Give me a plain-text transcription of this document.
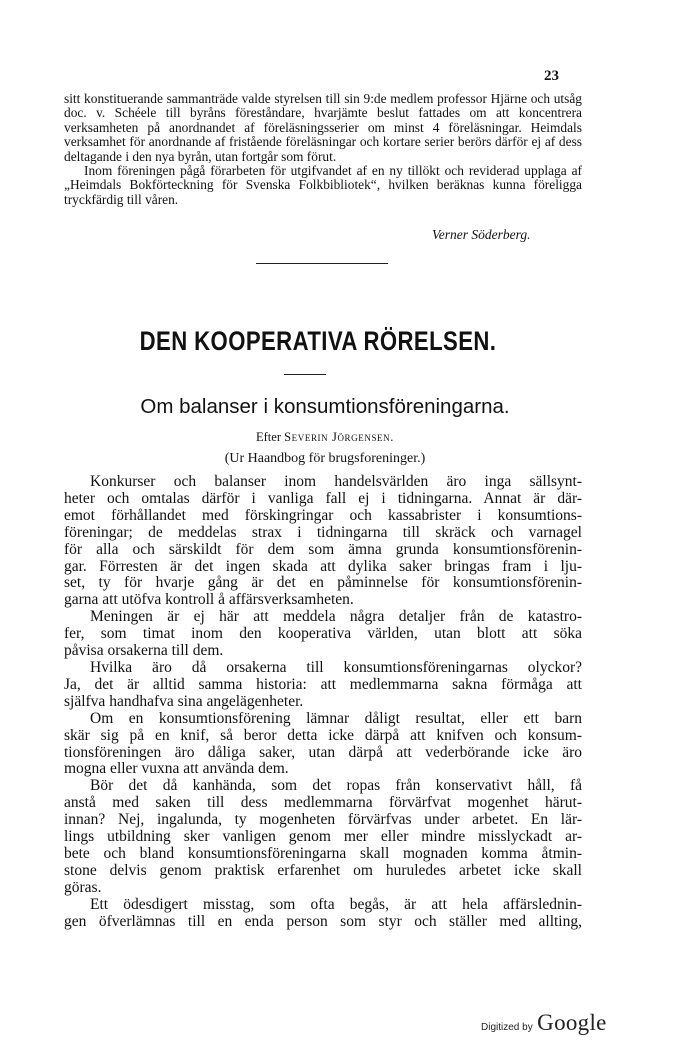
23

sitt konstituerande sammanträde valde styrelsen till sin 9:de medlem professor Hjärne och utsåg doc. v. Schéele till byråns föreståndare, hvarjämte beslut fattades om att koncentrera verksamheten på anordnandet af föreläsningsserier om minst 4 föreläsningar. Heimdals verksamhet för anordnande af fristående föreläsningar och kortare serier berörs därför ej af dess deltagande i den nya byrån, utan fortgår som förut.

Inom föreningen pågå förarbeten för utgifvandet af en ny tillökt och reviderad upplaga af „Heimdals Bokförteckning för Svenska Folkbibliotek“, hvilken beräknas kunna föreligga tryckfärdig till våren.

Verner Söderberg.
DEN KOOPERATIVA RÖRELSEN.
Om balanser i konsumtionsföreningarna.
Efter Severin Jörgensen.
(Ur Haandbog för brugsforeninger.)
Konkurser och balanser inom handelsvärlden äro inga sällsynt-
heter och omtalas därför i vanliga fall ej i tidningarna. Annat är där-
emot förhållandet med förskingringar och kassabrister i konsumtions-
föreningar; de meddelas strax i tidningarna till skräck och varnagel
för alla och särskildt för dem som ämna grunda konsumtionsförenin-
gar. Förresten är det ingen skada att dylika saker bringas fram i lju-
set, ty för hvarje gång är det en påminnelse för konsumtionsförenin-
garna att utöfva kontroll å affärsverksamheten.
Meningen är ej här att meddela några detaljer från de katastro-
fer, som timat inom den kooperativa världen, utan blott att söka
påvisa orsakerna till dem.
Hvilka äro då orsakerna till konsumtionsföreningarnas olyckor?
Ja, det är alltid samma historia: att medlemmarna sakna förmåga att
själfva handhafva sina angelägenheter.
Om en konsumtionsförening lämnar dåligt resultat, eller ett barn
skär sig på en knif, så beror detta icke därpå att knifven och konsum-
tionsföreningen äro dåliga saker, utan därpå att vederbörande icke äro
mogna eller vuxna att använda dem.
Bör det då kanhända, som det ropas från konservativt håll, få
anstå med saken till dess medlemmarna förvärfvat mogenhet härut-
innan? Nej, ingalunda, ty mogenheten förvärfvas under arbetet. En lär-
lings utbildning sker vanligen genom mer eller mindre misslyckadt ar-
bete och bland konsumtionsföreningarna skall mognaden komma åtmin-
stone delvis genom praktisk erfarenhet om huruledes arbetet icke skall
göras.
Ett ödesdigert misstag, som ofta begås, är att hela affärslednin-
gen öfverlämnas till en enda person som styr och ställer med allting,
Digitized by Google
